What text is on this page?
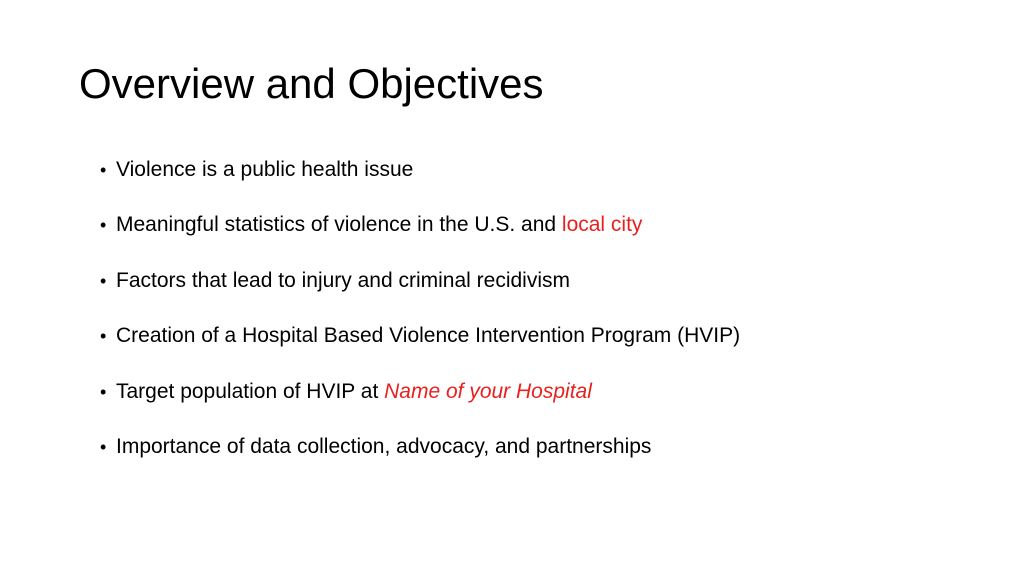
Overview and Objectives
• Violence is a public health issue
• Meaningful statistics of violence in the U.S. and local city
• Factors that lead to injury and criminal recidivism
• Creation of a Hospital Based Violence Intervention Program (HVIP)
• Target population of HVIP at Name of your Hospital
• Importance of data collection, advocacy, and partnerships
